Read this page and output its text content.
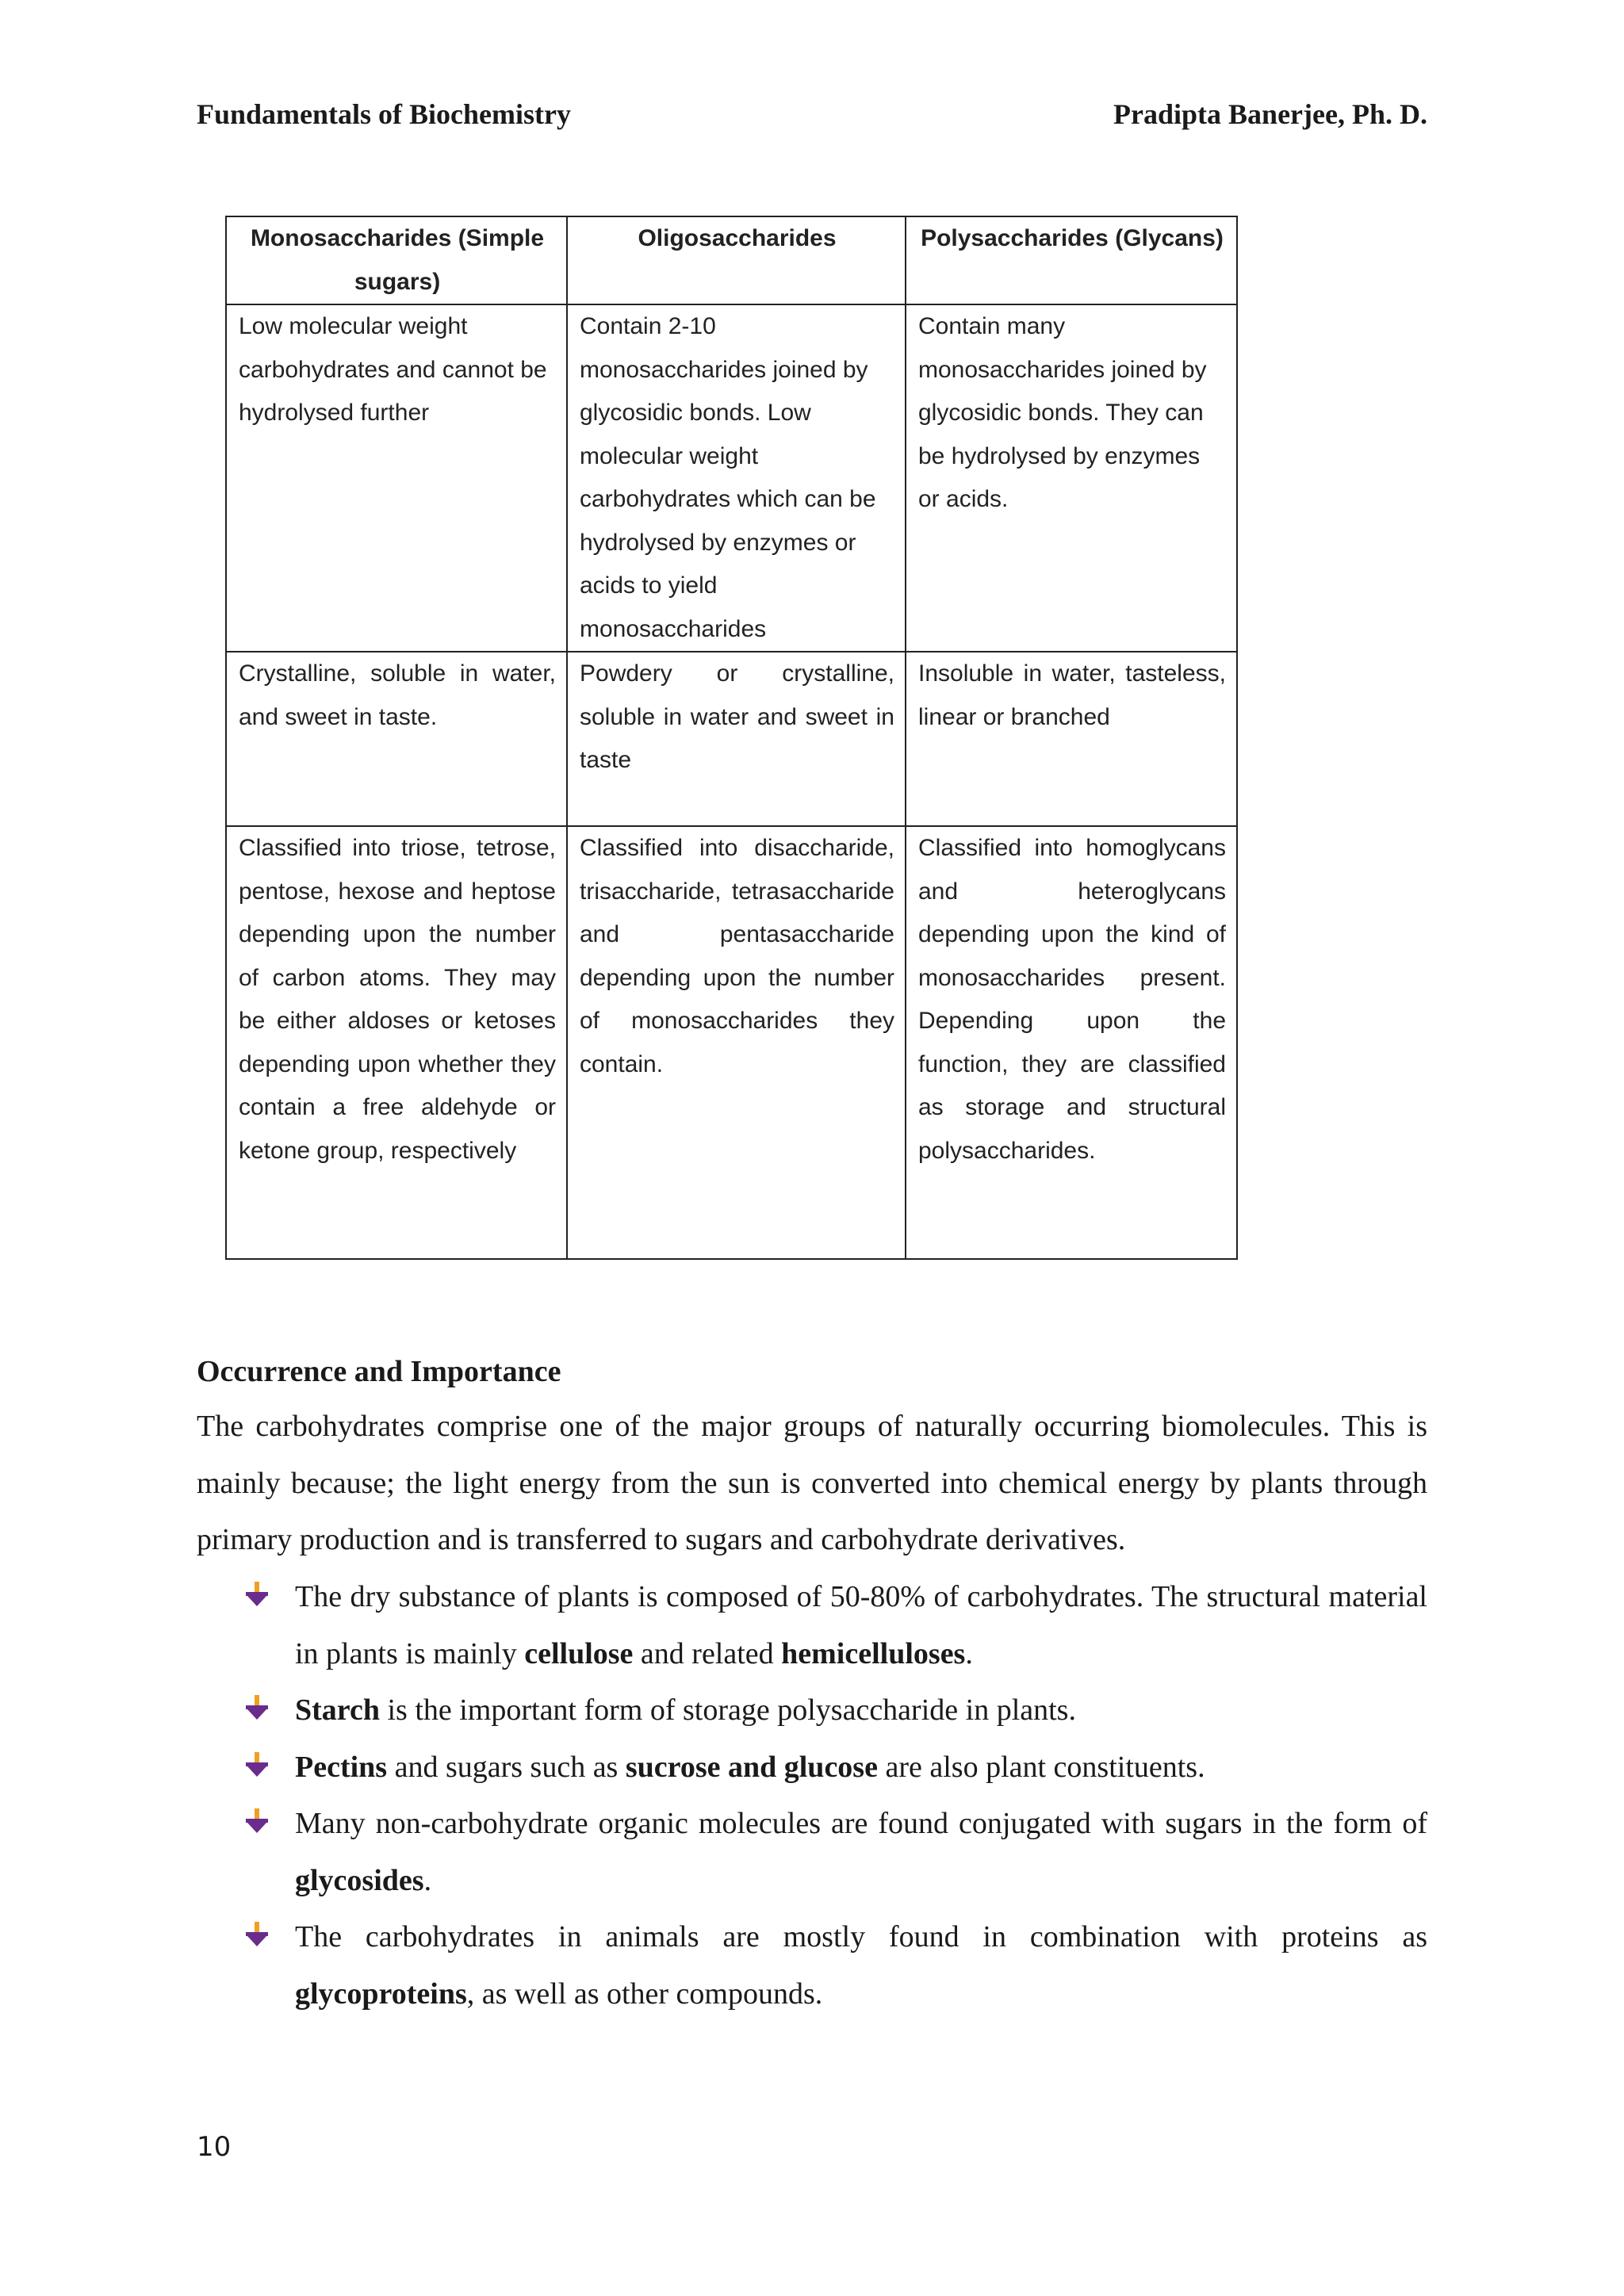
Fundamentals of Biochemistry	Pradipta Banerjee, Ph. D.
Monosaccharides (Simple sugars)	Oligosaccharides	Polysaccharides (Glycans)
Low molecular weight carbohydrates and cannot be hydrolysed further	Contain 2-10 monosaccharides joined by glycosidic bonds. Low molecular weight carbohydrates which can be hydrolysed by enzymes or acids to yield monosaccharides	Contain many monosaccharides joined by glycosidic bonds. They can be hydrolysed by enzymes or acids.
Crystalline, soluble in water, and sweet in taste.	Powdery or crystalline, soluble in water and sweet in taste	Insoluble in water, tasteless, linear or branched
Classified into triose, tetrose, pentose, hexose and heptose depending upon the number of carbon atoms. They may be either aldoses or ketoses depending upon whether they contain a free aldehyde or ketone group, respectively	Classified into disaccharide, trisaccharide, tetrasaccharide and pentasaccharide depending upon the number of monosaccharides they contain.	Classified into homoglycans and heteroglycans depending upon the kind of monosaccharides present. Depending upon the function, they are classified as storage and structural polysaccharides.
Occurrence and Importance

The carbohydrates comprise one of the major groups of naturally occurring biomolecules. This is mainly because; the light energy from the sun is converted into chemical energy by plants through primary production and is transferred to sugars and carbohydrate derivatives.

The dry substance of plants is composed of 50-80% of carbohydrates. The structural material in plants is mainly cellulose and related hemicelluloses.
Starch is the important form of storage polysaccharide in plants.
Pectins and sugars such as sucrose and glucose are also plant constituents.
Many non-carbohydrate organic molecules are found conjugated with sugars in the form of glycosides.
The carbohydrates in animals are mostly found in combination with proteins as glycoproteins, as well as other compounds.
10
